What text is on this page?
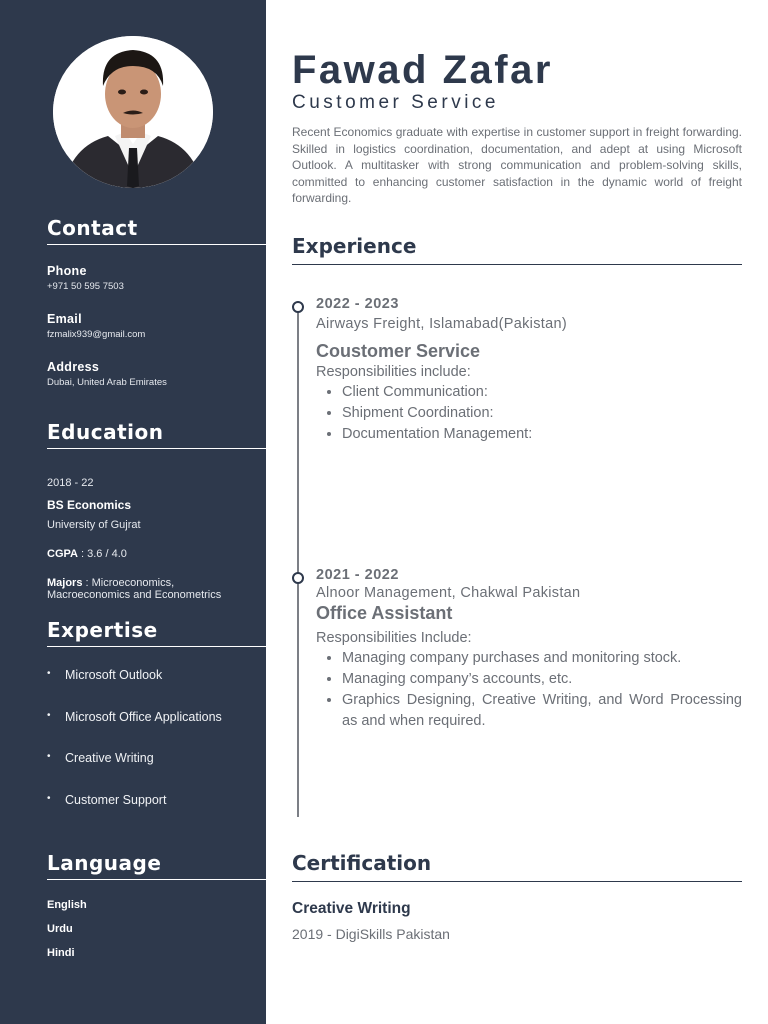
Contact
Phone
+971 50 595 7503
Email
fzmalix939@gmail.com
Address
Dubai, United Arab Emirates
Education
2018 - 22
BS Economics
University of Gujrat
CGPA : 3.6 / 4.0
Majors : Microeconomics,
Macroeconomics and Econometrics
Expertise
• Microsoft Outlook
• Microsoft Office Applications
• Creative Writing
• Customer Support
Language
English
Urdu
Hindi
Fawad Zafar
Customer Service

Recent Economics graduate with expertise in customer support in freight forwarding. Skilled in logistics coordination, documentation, and adept at using Microsoft Outlook. A multitasker with strong communication and problem-solving skills, committed to enhancing customer satisfaction in the dynamic world of freight forwarding.

Experience
Certification
2022 - 2023
Airways Freight, Islamabad(Pakistan)
Coustomer Service
Responsibilities include:
• Client Communication:
• Shipment Coordination:
• Documentation Management:
2021 - 2022
Alnoor Management, Chakwal Pakistan
Office Assistant
Responsibilities Include:
• Managing company purchases and monitoring stock.
• Managing company’s accounts, etc.
• Graphics Designing, Creative Writing, and Word Processing as and when required.
Creative Writing
2019 - DigiSkills Pakistan
